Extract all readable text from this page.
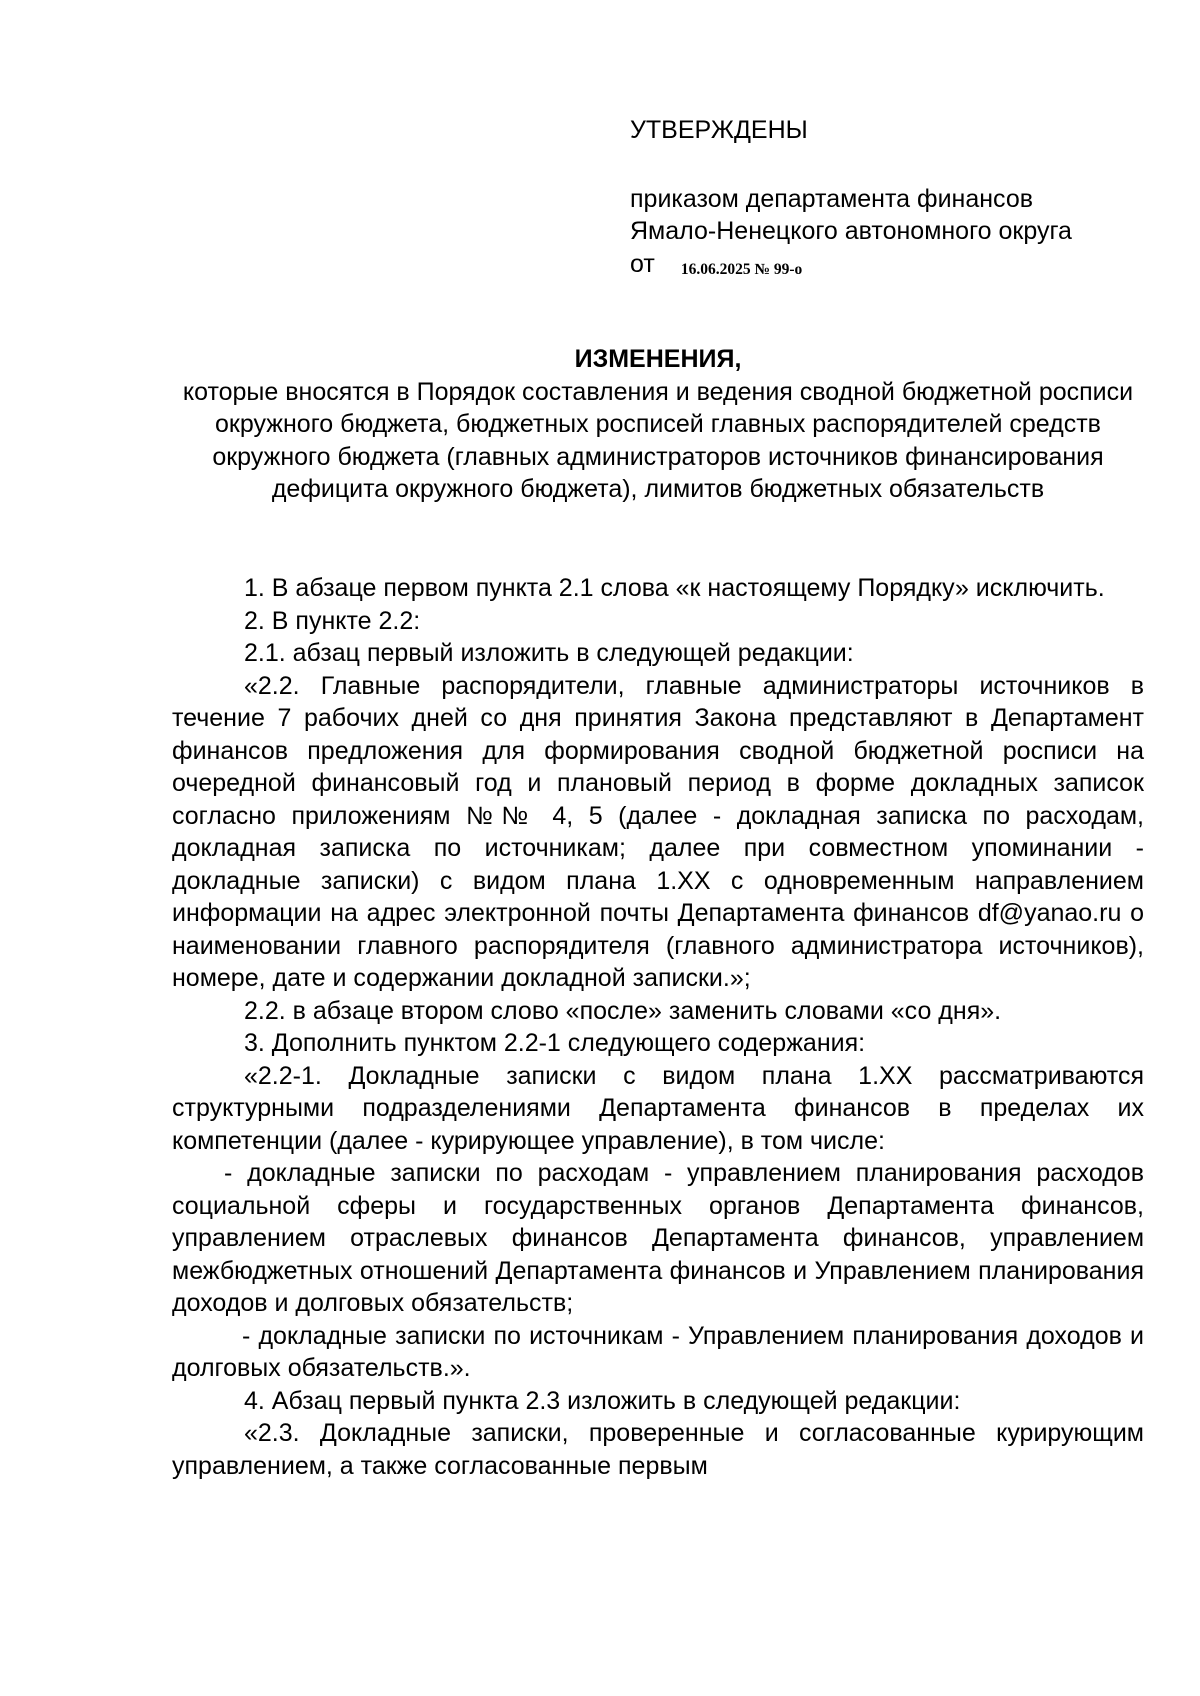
УТВЕРЖДЕНЫ

приказом департамента финансов

Ямало-Ненецкого автономного округа

от 16.06.2025 № 99-о

ИЗМЕНЕНИЯ,

которые вносятся в Порядок составления и ведения сводной бюджетной росписи окружного бюджета, бюджетных росписей главных распорядителей средств окружного бюджета (главных администраторов источников финансирования дефицита окружного бюджета), лимитов бюджетных обязательств

1. В абзаце первом пункта 2.1 слова «к настоящему Порядку» исключить.

2. В пункте 2.2:

2.1. абзац первый изложить в следующей редакции:

«2.2. Главные распорядители, главные администраторы источников в течение 7 рабочих дней со дня принятия Закона представляют в Департамент финансов предложения для формирования сводной бюджетной росписи на очередной финансовый год и плановый период в форме докладных записок согласно приложениям №№ 4, 5 (далее - докладная записка по расходам, докладная записка по источникам; далее при совместном упоминании - докладные записки) с видом плана 1.XX с одновременным направлением информации на адрес электронной почты Департамента финансов df@yanao.ru о наименовании главного распорядителя (главного администратора источников), номере, дате и содержании докладной записки.»;

2.2. в абзаце втором слово «после» заменить словами «со дня».

3. Дополнить пунктом 2.2-1 следующего содержания:

«2.2-1. Докладные записки с видом плана 1.XX рассматриваются структурными подразделениями Департамента финансов в пределах их компетенции (далее - курирующее управление), в том числе:

- докладные записки по расходам - управлением планирования расходов социальной сферы и государственных органов Департамента финансов, управлением отраслевых финансов Департамента финансов, управлением межбюджетных отношений Департамента финансов и Управлением планирования доходов и долговых обязательств;

- докладные записки по источникам - Управлением планирования доходов и долговых обязательств.».

4. Абзац первый пункта 2.3 изложить в следующей редакции:

«2.3. Докладные записки, проверенные и согласованные курирующим управлением, а также согласованные первым
